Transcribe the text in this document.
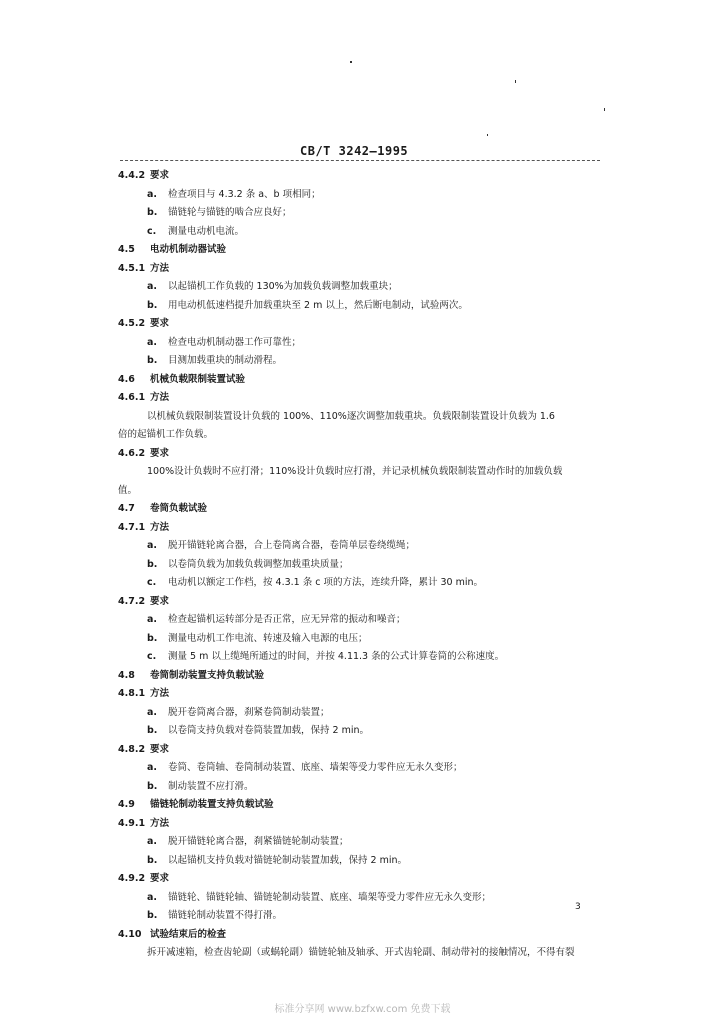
CB/T 3242—1995
4.4.2 要求
a. 检查项目与 4.3.2 条 a、b 项相同；
b. 锚链轮与锚链的啮合应良好；
c. 测量电动机电流。
4.5 电动机制动器试验
4.5.1 方法
a. 以起锚机工作负载的 130%为加载负载调整加载重块；
b. 用电动机低速档提升加载重块至 2 m 以上，然后断电制动，试验两次。
4.5.2 要求
a. 检查电动机制动器工作可靠性；
b. 目测加载重块的制动滑程。
4.6 机械负载限制装置试验
4.6.1 方法
以机械负载限制装置设计负载的 100%、110%逐次调整加载重块。负载限制装置设计负载为 1.6
倍的起锚机工作负载。
4.6.2 要求
100%设计负载时不应打滑；110%设计负载时应打滑，并记录机械负载限制装置动作时的加载负载
值。
4.7 卷筒负载试验
4.7.1 方法
a. 脱开锚链轮离合器，合上卷筒离合器，卷筒单层卷绕缆绳；
b. 以卷筒负载为加载负载调整加载重块质量；
c. 电动机以额定工作档，按 4.3.1 条 c 项的方法，连续升降，累计 30 min。
4.7.2 要求
a. 检查起锚机运转部分是否正常，应无异常的振动和噪音；
b. 测量电动机工作电流、转速及输入电源的电压；
c. 测量 5 m 以上缆绳所通过的时间，并按 4.11.3 条的公式计算卷筒的公称速度。
4.8 卷筒制动装置支持负载试验
4.8.1 方法
a. 脱开卷筒离合器，刹紧卷筒制动装置；
b. 以卷筒支持负载对卷筒装置加载，保持 2 min。
4.8.2 要求
a. 卷筒、卷筒轴、卷筒制动装置、底座、墙架等受力零件应无永久变形；
b. 制动装置不应打滑。
4.9 锚链轮制动装置支持负载试验
4.9.1 方法
a. 脱开锚链轮离合器，刹紧锚链轮制动装置；
b. 以起锚机支持负载对锚链轮制动装置加载，保持 2 min。
4.9.2 要求
a. 锚链轮、锚链轮轴、锚链轮制动装置、底座、墙架等受力零件应无永久变形；
b. 锚链轮制动装置不得打滑。
4.10 试验结束后的检查
拆开减速箱，检查齿轮副（或蜗轮副）锚链轮轴及轴承、开式齿轮副、制动带衬的接触情况，不得有裂
3
标准分享网 www.bzfxw.com 免费下载
